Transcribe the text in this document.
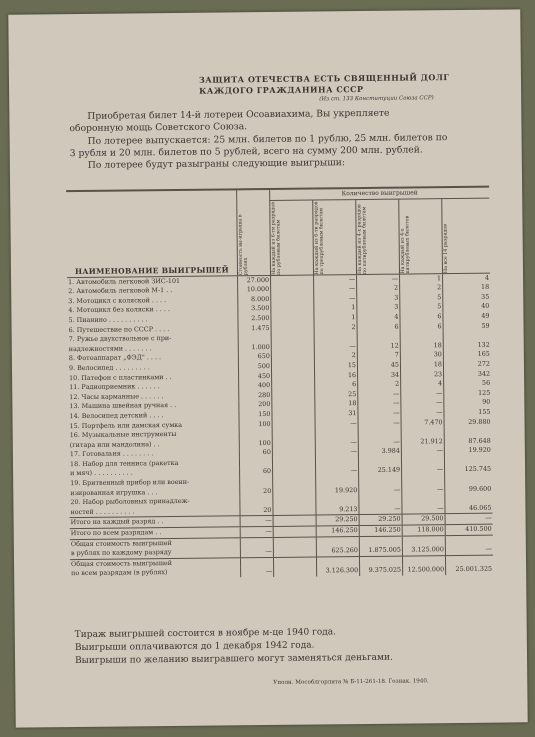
ЗАЩИТА ОТЕЧЕСТВА ЕСТЬ СВЯЩЕННЫЙ ДОЛГ
КАЖДОГО ГРАЖДАНИНА СССР
(Из ст. 133 Конституции Союза ССР)
Приобретая билет 14-й лотереи Осоавиахима, Вы укрепляете
оборонную мощь Советского Союза.
По лотерее выпускается: 25 млн. билетов по 1 рублю, 25 млн. билетов по
3 рубля и 20 млн. билетов по 5 рублей, всего на сумму 200 млн. рублей.
По лотерее будут разыграны следующие выигрыши:
НАИМЕНОВАНИЕ ВЫИГРЫШЕЙ	Стоимость вы-игрыша в рублях	Количество выигрышей				

		На каждый из 6-ти разрядов по рублевым билетам	На каждый из 6-ти разрядов по трехрублевым билетам	На каждый из 4-х разрядов по пятирублевым билетам	На каждый из 4-х пятирублевых билетов	На все 14 разрядов

1. Автомобиль легковой ЗИС-101	27.000		—	—	1	4
2. Автомобиль легковой М-1 . .	10.000		—	2	2	18
3. Мотоцикл с коляской . . . .	8.000		—	3	5	35
4. Мотоцикл без коляски . . . .	3.500		1	3	5	40
5. Пианино . . . . . . . . . .	2.500		1	4	6	49
6. Путешествие по СССР . . . .	1.475		2	6	6	59
7. Ружье двухствольное с при-						
надлежностями . . . . . . .	1.000		—	12	18	132
8. Фотоаппарат „ФЭД" . . . .	650		2	7	30	165
9. Велосипед . . . . . . . . .	500		15	45	18	272
10. Патефон с пластинками . .	450		16	34	23	342
11. Радиоприемник . . . . . .	400		6	2	4	56
12. Часы карманные . . . . . .	280		25	—	—	125
13. Машина швейная ручная . .	200		18	—	—	90
14. Велосипед детский . . . .	150		31	—	—	155
15. Портфель или дамская сумка	100		—	—	7.470	29.880
16. Музыкальные инструменты						
(гитара или мандолина) . .	100		—	—	21.912	87.648
17. Готовальня . . . . . . . .	60		—	3.984	—	19.920
18. Набор для тенниса (ракетка						
и мяч) . . . . . . . . . .	60		—	25.149	—	125.745
19. Бритвенный прибор или военн-						
изированная игрушка . . .	20		19.920	—	—	99.600
20. Набор рыболовных принадлеж-						
ностей . . . . . . . . . .	20		9.213	—	—	46.065
Итого на каждый разряд . .	—		29.250	29.250	29.500	—
Итого по всем разрядам . .	—		146.250	146.250	118.000	410.500
Общая стоимость выигрышей						
в рублях по каждому разряду	—		625.260	1.875.005	3.125.000	—
Общая стоимость выигрышей						
по всем разрядам (в рублях)	—		3.126.300	9.375.025	12.500.000	25.001.325
Тираж выигрышей состоится в ноябре м-це 1940 года.
Выигрыши оплачиваются до 1 декабря 1942 года.
Выигрыши по желанию выигравшего могут заменяться деньгами.
Уполн. Мособлгорлита № Б-11-261-18. Гознак. 1940.
